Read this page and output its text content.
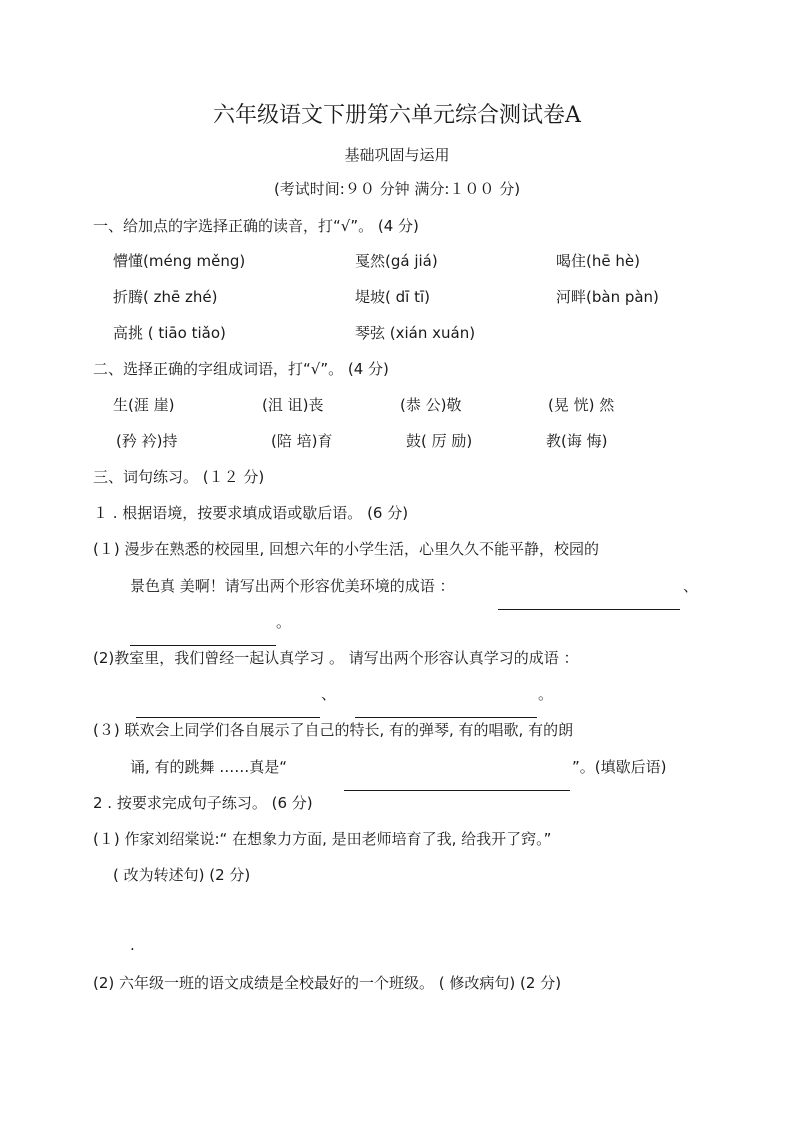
六年级语文下册第六单元综合测试卷A
基础巩固与运用
(考试时间:９０ 分钟 满分:１００ 分)
一、给加点的字选择正确的读音，打“√”。 (4 分)
懵懂(méng měng)	戛然(gá jiá)	喝住(hē hè)
折腾( zhē zhé)	堤坡( dī tī)	河畔(bàn pàn)
高挑 ( tiāo tiǎo)	琴弦 (xián xuán)
二、选择正确的字组成词语，打“√”。 (4 分)
生(涯 崖)	(沮 诅)丧	(恭 公)敬	(晃 恍) 然
(矜 衿)持	(陪 培)育	鼓( 厉 励)	教(诲 悔)
三、词句练习。 (１２ 分)
１ . 根据语境，按要求填成语或歇后语。 (6 分)
(１) 漫步在熟悉的校园里, 回想六年的小学生活，心里久久不能平静，校园的
景色真 美啊！请写出两个形容优美环境的成语 ：	、
。
(2)教室里，我们曾经一起认真学习 。 请写出两个形容认真学习的成语 ：
、	。
(３) 联欢会上同学们各自展示了自己的特长, 有的弹琴, 有的唱歌, 有的朗
诵, 有的跳舞 ……真是“	”。(填歇后语)
2 . 按要求完成句子练习。 (6 分)
(１) 作家刘绍棠说:“ 在想象力方面, 是田老师培育了我, 给我开了窍。”
( 改为转述句) (2 分)
.
(2) 六年级一班的语文成绩是全校最好的一个班级。 ( 修改病句) (2 分)
